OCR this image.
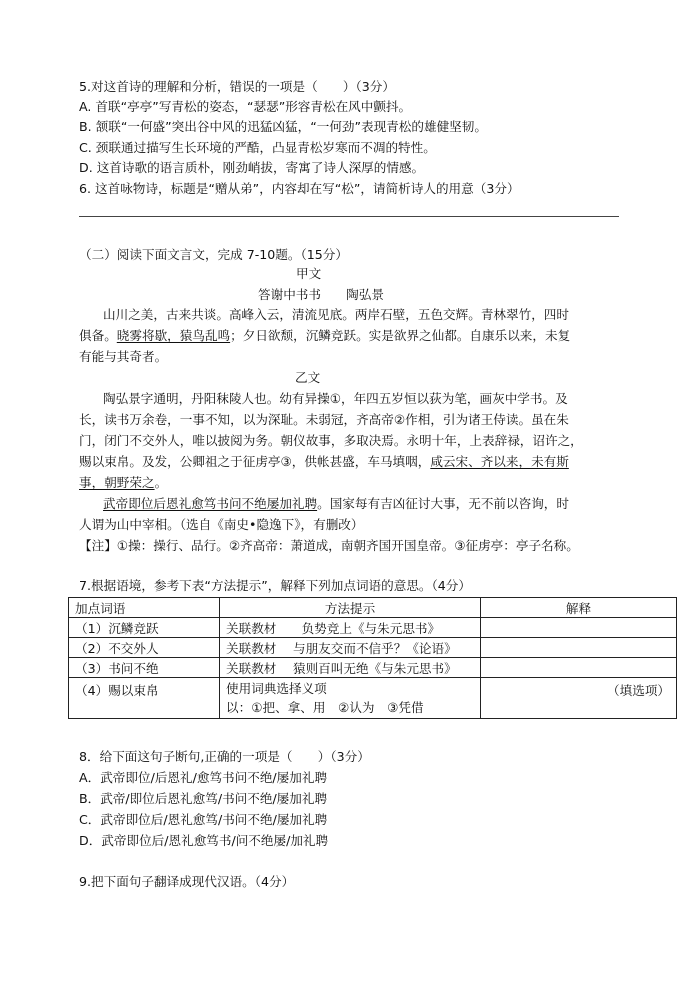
5.对这首诗的理解和分析，错误的一项是（　　）（3分）
A. 首联“亭亭”写青松的姿态，“瑟瑟”形容青松在风中颤抖。
B. 颔联“一何盛”突出谷中风的迅猛凶猛，“一何劲”表现青松的雄健坚韧。
C. 颈联通过描写生长环境的严酷，凸显青松岁寒而不凋的特性。
D. 这首诗歌的语言质朴，刚劲峭拔，寄寓了诗人深厚的情感。
6. 这首咏物诗，标题是“赠从弟”，内容却在写“松”，请简析诗人的用意（3分）
（二）阅读下面文言文，完成 7-10题。（15分）
甲文
答谢中书书　　陶弘景
山川之美，古来共谈。高峰入云，清流见底。两岸石壁，五色交辉。青林翠竹，四时
俱备。晓雾将歇，猿鸟乱鸣；夕日欲颓，沉鳞竞跃。实是欲界之仙都。自康乐以来，未复
有能与其奇者。
乙文
陶弘景字通明，丹阳秣陵人也。幼有异操①，年四五岁恒以荻为笔，画灰中学书。及
长，读书万余卷，一事不知，以为深耻。未弱冠，齐高帝②作相，引为诸王侍读。虽在朱
门，闭门不交外人，唯以披阅为务。朝仪故事，多取决焉。永明十年，上表辞禄，诏许之，
赐以束帛。及发，公卿祖之于征虏亭③，供帐甚盛，车马填咽，咸云宋、齐以来，未有斯
事，朝野荣之。
武帝即位后恩礼愈笃书问不绝屡加礼聘。国家每有吉凶征讨大事，无不前以咨询，时
人谓为山中宰相。（选自《南史•隐逸下》，有删改）
【注】①操：操行、品行。②齐高帝：萧道成，南朝齐国开国皇帝。③征虏亭：亭子名称。
7.根据语境，参考下表“方法提示”，解释下列加点词语的意思。（4分）
加点词语	方法提示	解释
（1）沉鳞竞跃	关联教材　　负势竞上《与朱元思书》	
（2）不交外人	关联教材　 与朋友交而不信乎？《论语》	
（3）书问不绝	关联教材　 猿则百叫无绝《与朱元思书》	
（4）赐以束帛	使用词典选择义项
以：①把、拿、用　②认为　③凭借	（填选项）
8．给下面这句子断句,正确的一项是（　　）（3分）
A．武帝即位/后恩礼/愈笃书问不绝/屡加礼聘
B．武帝/即位后恩礼愈笃/书问不绝/屡加礼聘
C．武帝即位后/恩礼愈笃/书问不绝/屡加礼聘
D．武帝即位后/恩礼愈笃书/问不绝屡/加礼聘
9.把下面句子翻译成现代汉语。（4分）
